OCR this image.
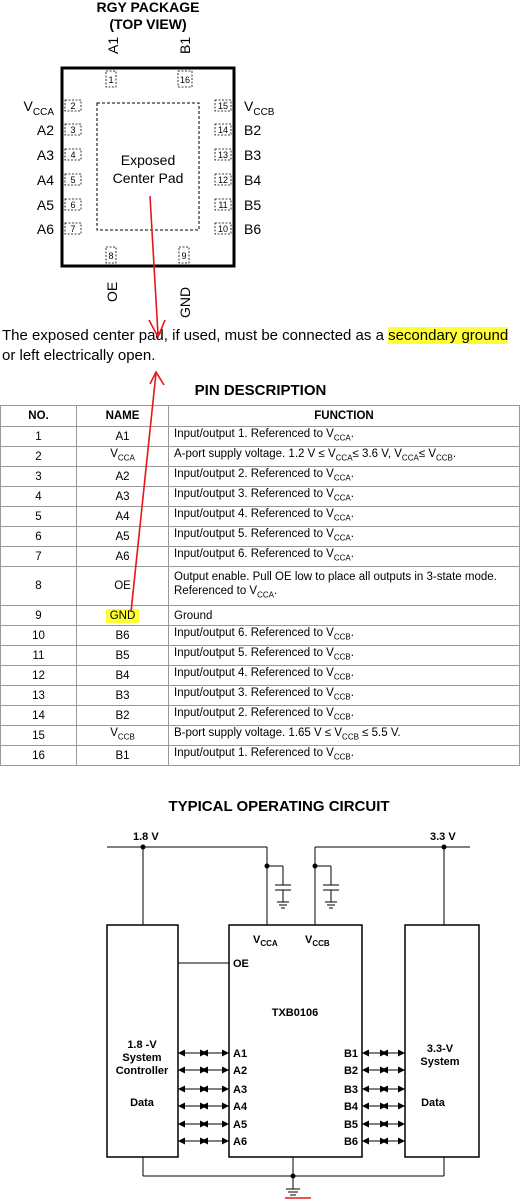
RGY PACKAGE
(TOP VIEW)
A1	B1
Exposed
Center Pad
1	16
8	9
OE	GND
2
$V_{CCA}$
3
A2
4
A3
5
A4
6
A5
7
A6
15 $V_{CCB}$
14 B2
13 B3
12 B4
11 B5
10 B6
The exposed center pad, if used, must be connected as a secondary ground or left electrically open.
PIN DESCRIPTION
NO.	NAME	FUNCTION
1	A1	Input/output 1. Referenced to $V_{CCA}$.
2	$V_{CCA}$	A-port supply voltage. 1.2 $V \le V_{CCA}\le 3.6$ V, $V_{CCA}\le V_{CCB}$.
3	A2	Input/output 2. Referenced to $V_{CCA}$.
4	A3	Input/output 3. Referenced to $V_{CCA}$.
5	A4	Input/output 4. Referenced to $V_{CCA}$.
6	A5	Input/output 5. Referenced to $V_{CCA}$.
7	A6	Input/output 6. Referenced to $V_{CCA}$.
8	OE	Output enable. Pull OE low to place all outputs in 3-state mode. Referenced to $V_{CCA}$.
9	GND	Ground
10	B6	Input/output 6. Referenced to $V_{CCB}$.
11	B5	Input/output 5. Referenced to $V_{CCB}$.
12	B4	Input/output 4. Referenced to $V_{CCB}$.
13	B3	Input/output 3. Referenced to $V_{CCB}$.
14	B2	Input/output 2. Referenced to $V_{CCB}$.
15	$V_{CCB}$	B-port supply voltage. 1.65 $V \le V_{CCB} \le 5.5$ V.
16	B1	Input/output 1. Referenced to $V_{CCB}$.
TYPICAL OPERATING CIRCUIT
1.8 V	3.3 V
$V_{CCA}$ $V_{CCB}$
OE
TXB0106
1.8 -V
System
Controller
Data
3.3-V
System
Data
A1
A2
A3
A4
A5
A6
B1
B2
B3
B4
B5
B6
